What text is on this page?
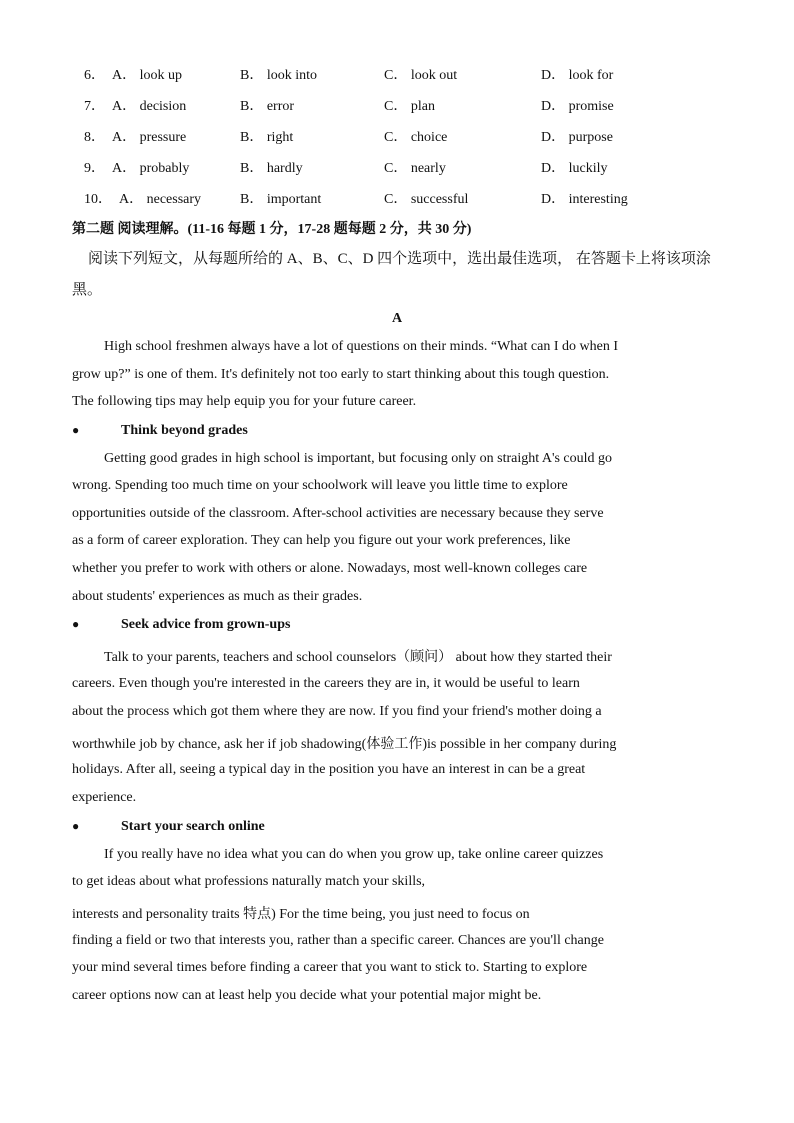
6． A． look up	B． look into	C． look out	D． look for
7． A． decision	B． error	C． plan	D． promise
8． A． pressure	B． right	C． choice	D． purpose
9． A． probably	B． hardly	C． nearly	D． luckily
10． A． necessary	B． important	C． successful	D． interesting
第二题 阅读理解。(11-16 每题 1 分，17-28 题每题 2 分，共 30 分)
阅读下列短文，从每题所给的 A、B、C、D 四个选项中，选出最佳选项， 在答题卡上将该项涂黑。
A
High school freshmen always have a lot of questions on their minds. “What can I do when I
grow up?” is one of them. It's definitely not too early to start thinking about this tough question.
The following tips may help equip you for your future career.
●	Think beyond grades
Getting good grades in high school is important, but focusing only on straight A's could go
wrong. Spending too much time on your schoolwork will leave you little time to explore
opportunities outside of the classroom. After-school activities are necessary because they serve
as a form of career exploration. They can help you figure out your work preferences, like
whether you prefer to work with others or alone. Nowadays, most well-known colleges care
about students' experiences as much as their grades.
●	Seek advice from grown-ups
Talk to your parents, teachers and school counselors（顾问） about how they started their
careers. Even though you're interested in the careers they are in, it would be useful to learn
about the process which got them where they are now. If you find your friend's mother doing a
worthwhile job by chance, ask her if job shadowing(体验工作)is possible in her company during
holidays. After all, seeing a typical day in the position you have an interest in can be a great
experience.
●	Start your search online
If you really have no idea what you can do when you grow up, take online career quizzes
to get ideas about what professions naturally match your skills,
interests and personality traits 特点) For the time being, you just need to focus on
finding a field or two that interests you, rather than a specific career. Chances are you'll change
your mind several times before finding a career that you want to stick to. Starting to explore
career options now can at least help you decide what your potential major might be.
